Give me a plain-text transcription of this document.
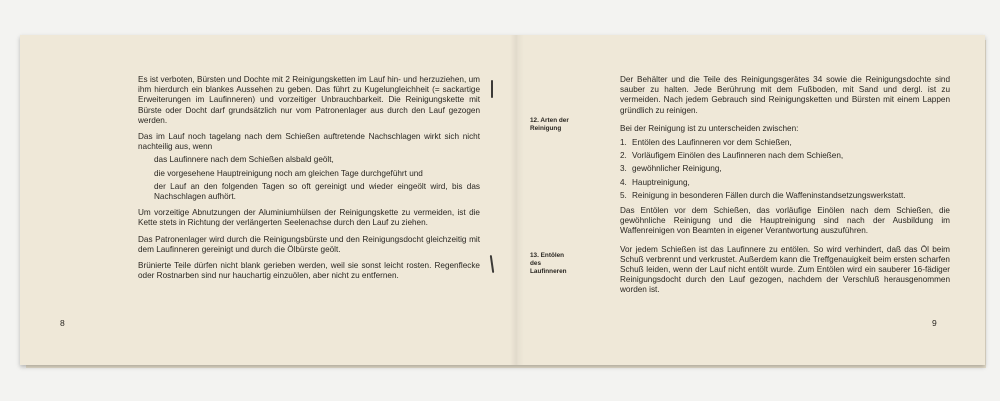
Es ist verboten, Bürsten und Dochte mit 2 Reinigungsketten im Lauf hin- und herzuziehen, um ihm hierdurch ein blankes Aussehen zu geben. Das führt zu Kugelungleichheit (= sackartige Erweiterungen im Laufinneren) und vorzeitiger Unbrauchbarkeit. Die Reinigungskette mit Bürste oder Docht darf grundsätzlich nur vom Patronenlager aus durch den Lauf gezogen werden.

Das im Lauf noch tagelang nach dem Schießen auftretende Nachschlagen wirkt sich nicht nachteilig aus, wenn

das Laufinnere nach dem Schießen alsbald geölt,

die vorgesehene Hauptreinigung noch am gleichen Tage durchgeführt und

der Lauf an den folgenden Tagen so oft gereinigt und wieder eingeölt wird, bis das Nachschlagen aufhört.

Um vorzeitige Abnutzungen der Aluminiumhülsen der Reinigungskette zu vermeiden, ist die Kette stets in Richtung der verlängerten Seelenachse durch den Lauf zu ziehen.

Das Patronenlager wird durch die Reinigungsbürste und den Reinigungsdocht gleichzeitig mit dem Laufinneren gereinigt und durch die Ölbürste geölt.

Brünierte Teile dürfen nicht blank gerieben werden, weil sie sonst leicht rosten. Regenflecke oder Rostnarben sind nur hauchartig einzuölen, aber nicht zu entfernen.

8
12. Arten der Reinigung
13. Entölen des Laufinneren

Der Behälter und die Teile des Reinigungsgerätes 34 sowie die Reinigungsdochte sind sauber zu halten. Jede Berührung mit dem Fußboden, mit Sand und dergl. ist zu vermeiden. Nach jedem Gebrauch sind Reinigungsketten und Bürsten mit einem Lappen gründlich zu reinigen.

Bei der Reinigung ist zu unterscheiden zwischen:

1. Entölen des Laufinneren vor dem Schießen,
2. Vorläufigem Einölen des Laufinneren nach dem Schießen,
3. gewöhnlicher Reinigung,
4. Hauptreinigung,
5. Reinigung in besonderen Fällen durch die Waffeninstandsetzungswerkstatt.

Das Entölen vor dem Schießen, das vorläufige Einölen nach dem Schießen, die gewöhnliche Reinigung und die Hauptreinigung sind nach der Ausbildung im Waffenreinigen von Beamten in eigener Verantwortung auszuführen.

Vor jedem Schießen ist das Laufinnere zu entölen. So wird verhindert, daß das Öl beim Schuß verbrennt und verkrustet. Außerdem kann die Treffgenauigkeit beim ersten scharfen Schuß leiden, wenn der Lauf nicht entölt wurde. Zum Entölen wird ein sauberer 16-fädiger Reinigungsdocht durch den Lauf gezogen, nachdem der Verschluß herausgenommen worden ist.

9
